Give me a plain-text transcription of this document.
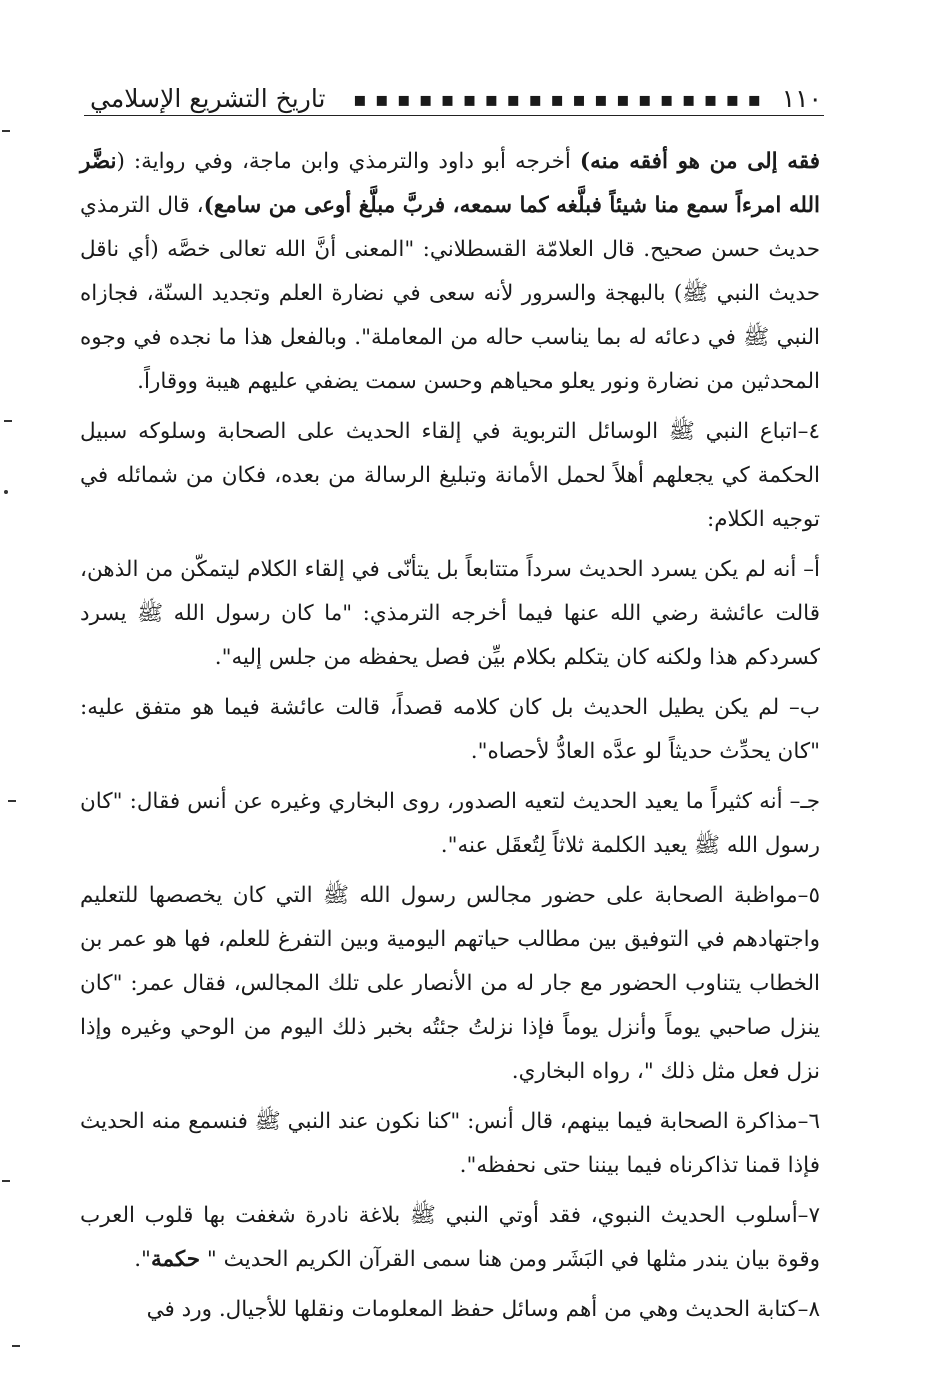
١١٠
▪ ▪ ▪ ▪ ▪ ▪ ▪ ▪ ▪ ▪ ▪ ▪ ▪ ▪ ▪ ▪ ▪ ▪ ▪
تاريخ التشريع الإسلامي

فقه إلى من هو أفقه منه) أخرجه أبو داود والترمذي وابن ماجة، وفي رواية: (نضَّر الله امرءاً سمع منا شيئاً فبلَّغه كما سمعه، فربَّ مبلَّغ أوعى من سامع)، قال الترمذي حديث حسن صحيح. قال العلامّة القسطلاني: "المعنى أنَّ الله تعالى خصَّه (أي ناقل حديث النبي ﷺ) بالبهجة والسرور لأنه سعى في نضارة العلم وتجديد السنّة، فجازاه النبي ﷺ في دعائه له بما يناسب حاله من المعاملة". وبالفعل هذا ما نجده في وجوه المحدثين من نضارة ونور يعلو محياهم وحسن سمت يضفي عليهم هيبة ووقاراً.

٤–اتباع النبي ﷺ الوسائل التربوية في إلقاء الحديث على الصحابة وسلوكه سبيل الحكمة كي يجعلهم أهلاً لحمل الأمانة وتبليغ الرسالة من بعده، فكان من شمائله في توجيه الكلام:

أ– أنه لم يكن يسرد الحديث سرداً متتابعاً بل يتأنّى في إلقاء الكلام ليتمكّن من الذهن، قالت عائشة رضي الله عنها فيما أخرجه الترمذي: "ما كان رسول الله ﷺ يسرد كسردكم هذا ولكنه كان يتكلم بكلام بيِّن فصل يحفظه من جلس إليه".

ب– لم يكن يطيل الحديث بل كان كلامه قصداً، قالت عائشة فيما هو متفق عليه: "كان يحدِّث حديثاً لو عدَّه العادُّ لأحصاه".

جـ– أنه كثيراً ما يعيد الحديث لتعيه الصدور، روى البخاري وغيره عن أنس فقال: "كان رسول الله ﷺ يعيد الكلمة ثلاثاً لِتُعقَل عنه".

٥–مواظبة الصحابة على حضور مجالس رسول الله ﷺ التي كان يخصصها للتعليم واجتهادهم في التوفيق بين مطالب حياتهم اليومية وبين التفرغ للعلم، فها هو عمر بن الخطاب يتناوب الحضور مع جار له من الأنصار على تلك المجالس، فقال عمر: "كان ينزل صاحبي يوماً وأنزل يوماً فإذا نزلتُ جئتُه بخبر ذلك اليوم من الوحي وغيره وإذا نزل فعل مثل ذلك "، رواه البخاري.

٦–مذاكرة الصحابة فيما بينهم، قال أنس: "كنا نكون عند النبي ﷺ فنسمع منه الحديث فإذا قمنا تذاكرناه فيما بيننا حتى نحفظه".

٧–أسلوب الحديث النبوي، فقد أوتي النبي ﷺ بلاغة نادرة شغفت بها قلوب العرب وقوة بيان يندر مثلها في البَشَر ومن هنا سمى القرآن الكريم الحديث " حكمة".

٨–كتابة الحديث وهي من أهم وسائل حفظ المعلومات ونقلها للأجيال. ورد في
